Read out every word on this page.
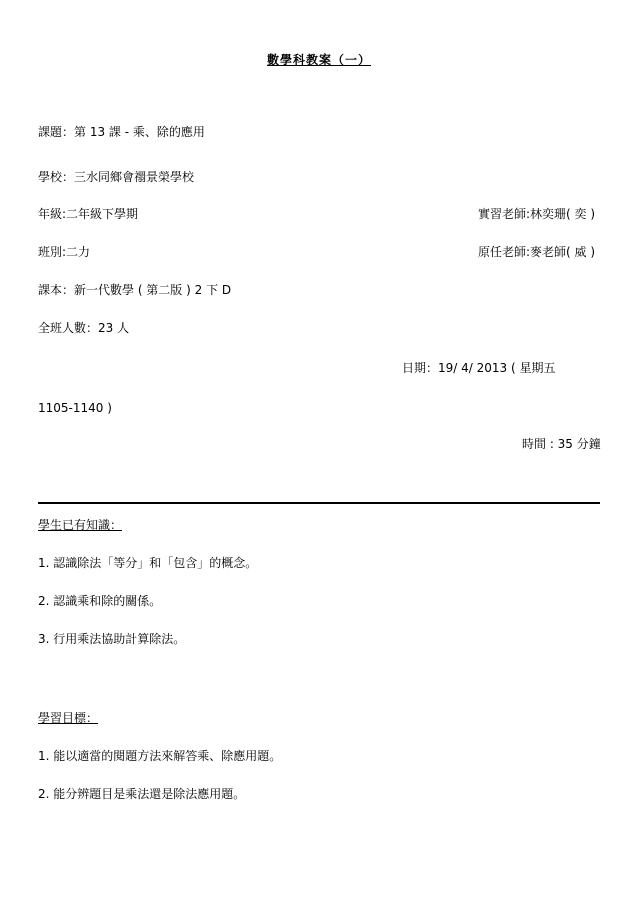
數學科教案（一）
課題：第 13 課 - 乘、除的應用
學校：三水同鄉會禤景榮學校
年級:二年級下學期	實習老師:林奕珊( 奕 )
班別:二力	原任老師:麥老師( 威 )
課本：新一代數學 ( 第二版 ) 2 下 D
全班人數：23 人
日期：19/ 4/ 2013 ( 星期五
1105-1140 )
時間 : 35 分鐘
學生已有知識：
1. 認識除法「等分」和「包含」的概念。
2. 認識乘和除的關係。
3. 行用乘法協助計算除法。
學習目標：
1. 能以適當的閱題方法來解答乘、除應用題。
2. 能分辨題目是乘法還是除法應用題。
